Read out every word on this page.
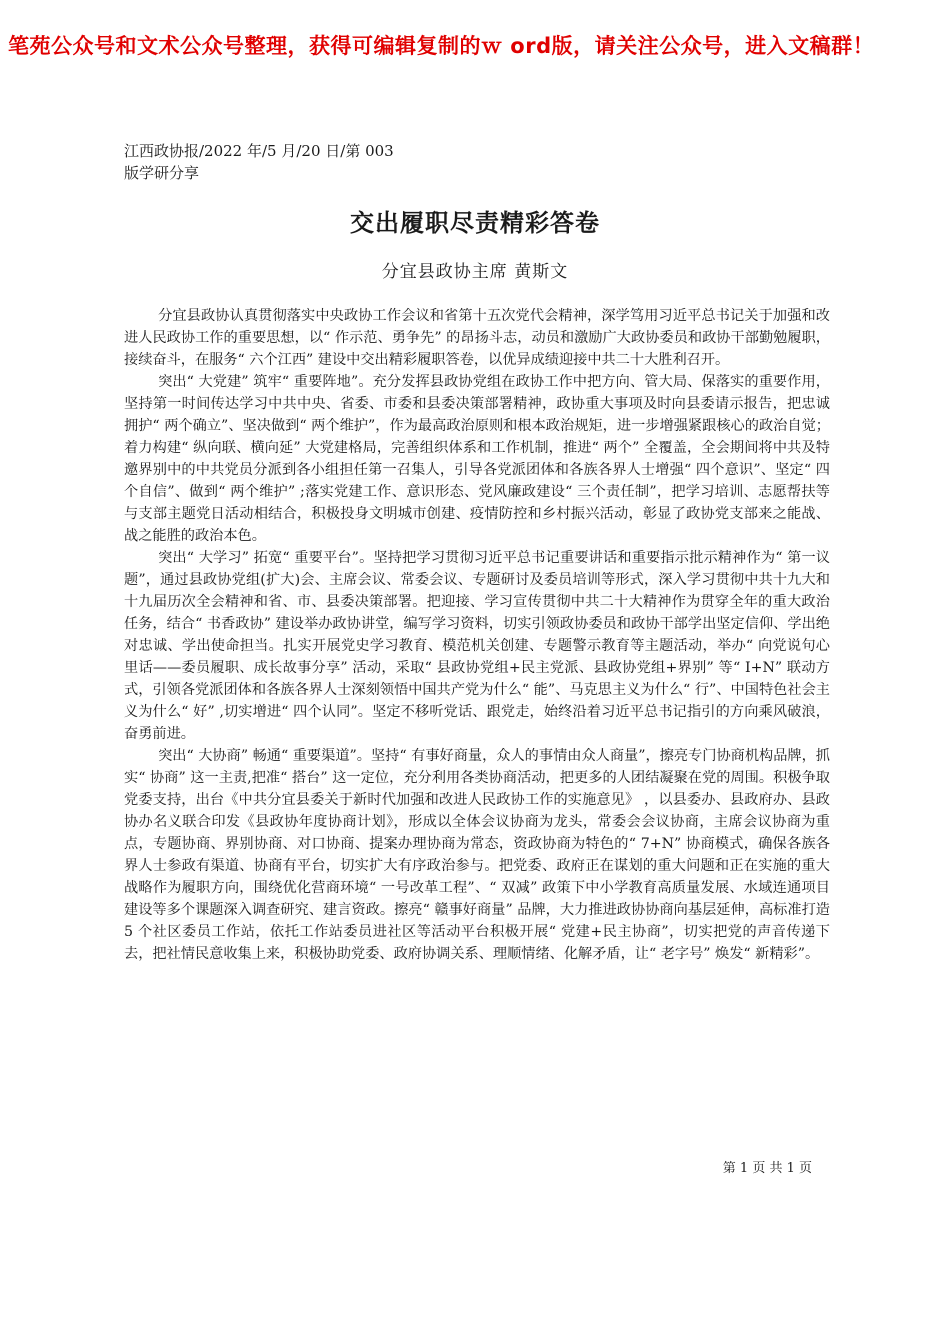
笔苑公众号和文术公众号整理，获得可编辑复制的ｗ ord版，请关注公众号，进入文稿群！
江西政协报/2022 年/5 月/20 日/第 003
版学研分享
交出履职尽责精彩答卷
分宜县政协主席 黄斯文

分宜县政协认真贯彻落实中央政协工作会议和省第十五次党代会精神，深学笃用习近平总书记关于加强和改进人民政协工作的重要思想，以“ 作示范、勇争先” 的昂扬斗志，动员和激励广大政协委员和政协干部勤勉履职，接续奋斗，在服务“ 六个江西” 建设中交出精彩履职答卷，以优异成绩迎接中共二十大胜利召开。

突出“ 大党建” 筑牢“ 重要阵地”。充分发挥县政协党组在政协工作中把方向、管大局、保落实的重要作用，坚持第一时间传达学习中共中央、省委、市委和县委决策部署精神，政协重大事项及时向县委请示报告，把忠诚拥护“ 两个确立”、坚决做到“ 两个维护”，作为最高政治原则和根本政治规矩，进一步增强紧跟核心的政治自觉；着力构建“ 纵向联、横向延” 大党建格局，完善组织体系和工作机制，推进“ 两个” 全覆盖，全会期间将中共及特邀界别中的中共党员分派到各小组担任第一召集人，引导各党派团体和各族各界人士增强“ 四个意识”、坚定“ 四个自信”、做到“ 两个维护” ;落实党建工作、意识形态、党风廉政建设“ 三个责任制”，把学习培训、志愿帮扶等与支部主题党日活动相结合，积极投身文明城市创建、疫情防控和乡村振兴活动，彰显了政协党支部来之能战、战之能胜的政治本色。

突出“ 大学习” 拓宽“ 重要平台”。坚持把学习贯彻习近平总书记重要讲话和重要指示批示精神作为“ 第一议题”，通过县政协党组(扩大)会、主席会议、常委会议、专题研讨及委员培训等形式，深入学习贯彻中共十九大和十九届历次全会精神和省、市、县委决策部署。把迎接、学习宣传贯彻中共二十大精神作为贯穿全年的重大政治任务，结合“ 书香政协” 建设举办政协讲堂，编写学习资料，切实引领政协委员和政协干部学出坚定信仰、学出绝对忠诚、学出使命担当。扎实开展党史学习教育、模范机关创建、专题警示教育等主题活动，举办“ 向党说句心里话——委员履职、成长故事分享” 活动，采取“ 县政协党组+民主党派、县政协党组+界别” 等“ I+N” 联动方式，引领各党派团体和各族各界人士深刻领悟中国共产党为什么“ 能”、马克思主义为什么“ 行”、中国特色社会主义为什么“ 好” ,切实增进“ 四个认同”。坚定不移听党话、跟党走，始终沿着习近平总书记指引的方向乘风破浪，奋勇前进。

突出“ 大协商” 畅通“ 重要渠道”。坚持“ 有事好商量，众人的事情由众人商量”，擦亮专门协商机构品牌，抓实“ 协商” 这一主责,把准“ 搭台” 这一定位，充分利用各类协商活动，把更多的人团结凝聚在党的周围。积极争取党委支持，出台《中共分宜县委关于新时代加强和改进人民政协工作的实施意见》 ，以县委办、县政府办、县政协办名义联合印发《县政协年度协商计划》，形成以全体会议协商为龙头，常委会会议协商，主席会议协商为重点，专题协商、界别协商、对口协商、提案办理协商为常态，资政协商为特色的“ 7+N” 协商模式，确保各族各界人士参政有渠道、协商有平台，切实扩大有序政治参与。把党委、政府正在谋划的重大问题和正在实施的重大战略作为履职方向，围绕优化营商环境“ 一号改革工程”、“ 双减” 政策下中小学教育高质量发展、水域连通项目建设等多个课题深入调查研究、建言资政。擦亮“ 赣事好商量” 品牌，大力推进政协协商向基层延伸，高标准打造 5 个社区委员工作站，依托工作站委员进社区等活动平台积极开展“ 党建+民主协商”，切实把党的声音传递下去，把社情民意收集上来，积极协助党委、政府协调关系、理顺情绪、化解矛盾，让“ 老字号” 焕发“ 新精彩”。

第 1 页 共 1 页
